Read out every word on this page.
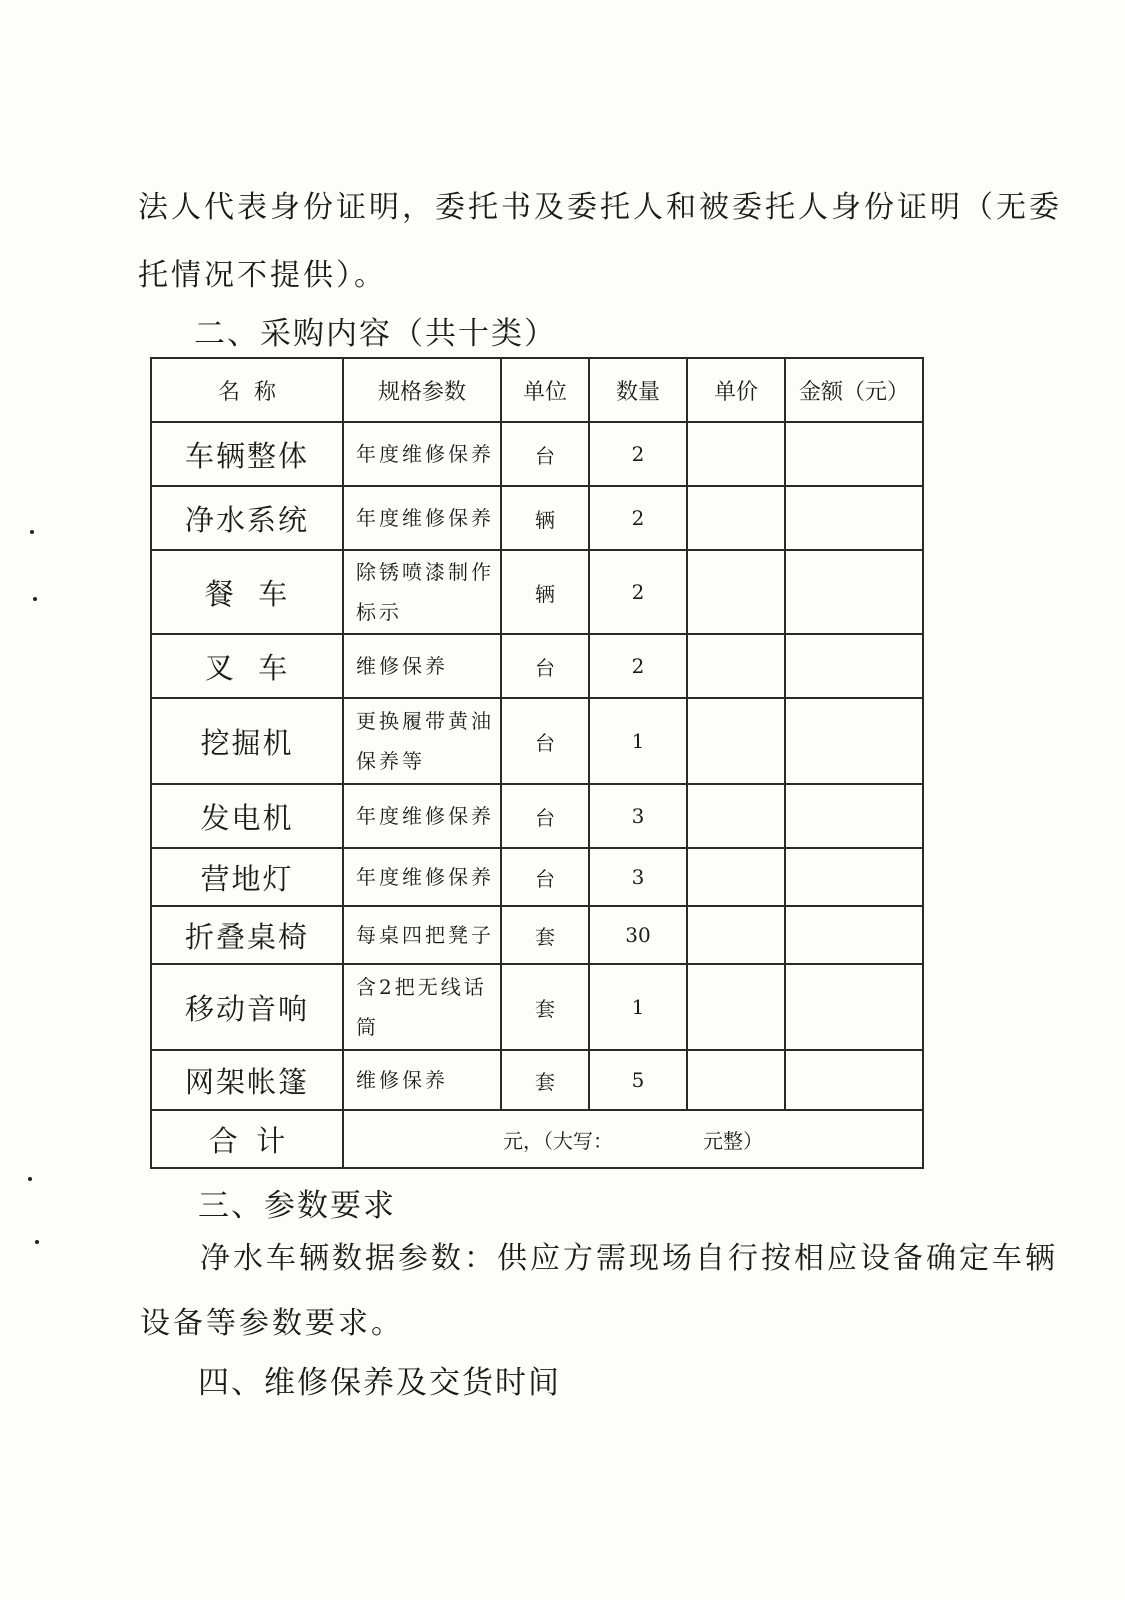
法人代表身份证明，委托书及委托人和被委托人身份证明（无委
托情况不提供）。
二、采购内容（共十类）
名  称	规格参数	单位	数量	单价	金额（元）
车辆整体	年度维修保养	台	2		
净水系统	年度维修保养	辆	2		
餐  车	除锈喷漆制作标示	辆	2		
叉  车	维修保养	台	2		
挖掘机	更换履带黄油保养等	台	1		
发电机	年度维修保养	台	3		
营地灯	年度维修保养	台	3		
折叠桌椅	每桌四把凳子	套	30		
移动音响	含2把无线话筒	套	1		
网架帐篷	维修保养	套	5		
合  计	元，（大写： 元整）				
三、参数要求
净水车辆数据参数：供应方需现场自行按相应设备确定车辆
设备等参数要求。
四、维修保养及交货时间
